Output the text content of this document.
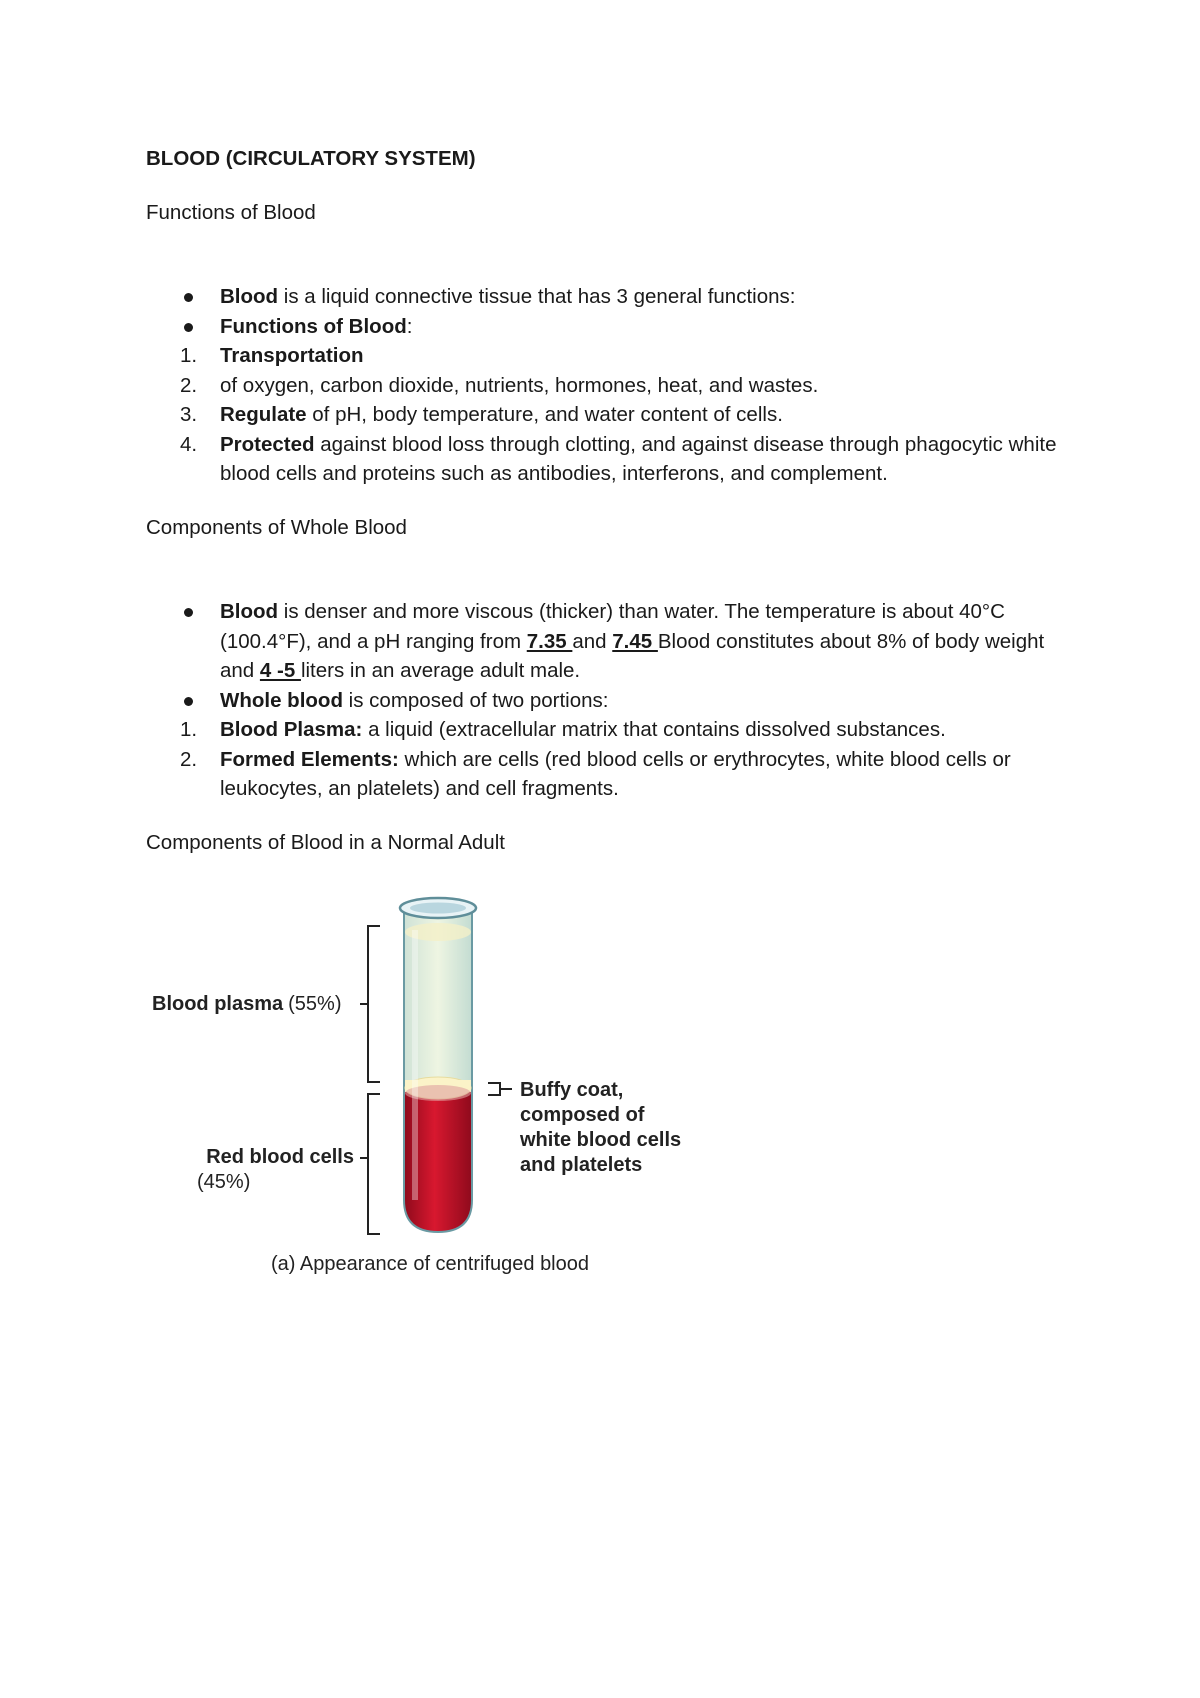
BLOOD (CIRCULATORY SYSTEM)

Functions of Blood

Blood is a liquid connective tissue that has 3 general functions:
Functions of Blood:
1.	Transportation
2.	of oxygen, carbon dioxide, nutrients, hormones, heat, and wastes.
3.	Regulate of pH, body temperature, and water content of cells.
4.	Protected against blood loss through clotting, and against disease through phagocytic white blood cells and proteins such as antibodies, interferons, and complement.

Components of Whole Blood

Blood is denser and more viscous (thicker) than water. The temperature is about 40°C (100.4°F), and a pH ranging from 7.35 and 7.45 Blood constitutes about 8% of body weight and 4 -5 liters in an average adult male.
Whole blood is composed of two portions:
1.	Blood Plasma: a liquid (extracellular matrix that contains dissolved substances.
2.	Formed Elements: which are cells (red blood cells or erythrocytes, white blood cells or leukocytes, an platelets) and cell fragments.

Components of Blood in a Normal Adult

Blood plasma (55%)
Red blood cells
(45%)
Buffy coat,
composed of
white blood cells
and platelets
(a) Appearance of centrifuged blood
